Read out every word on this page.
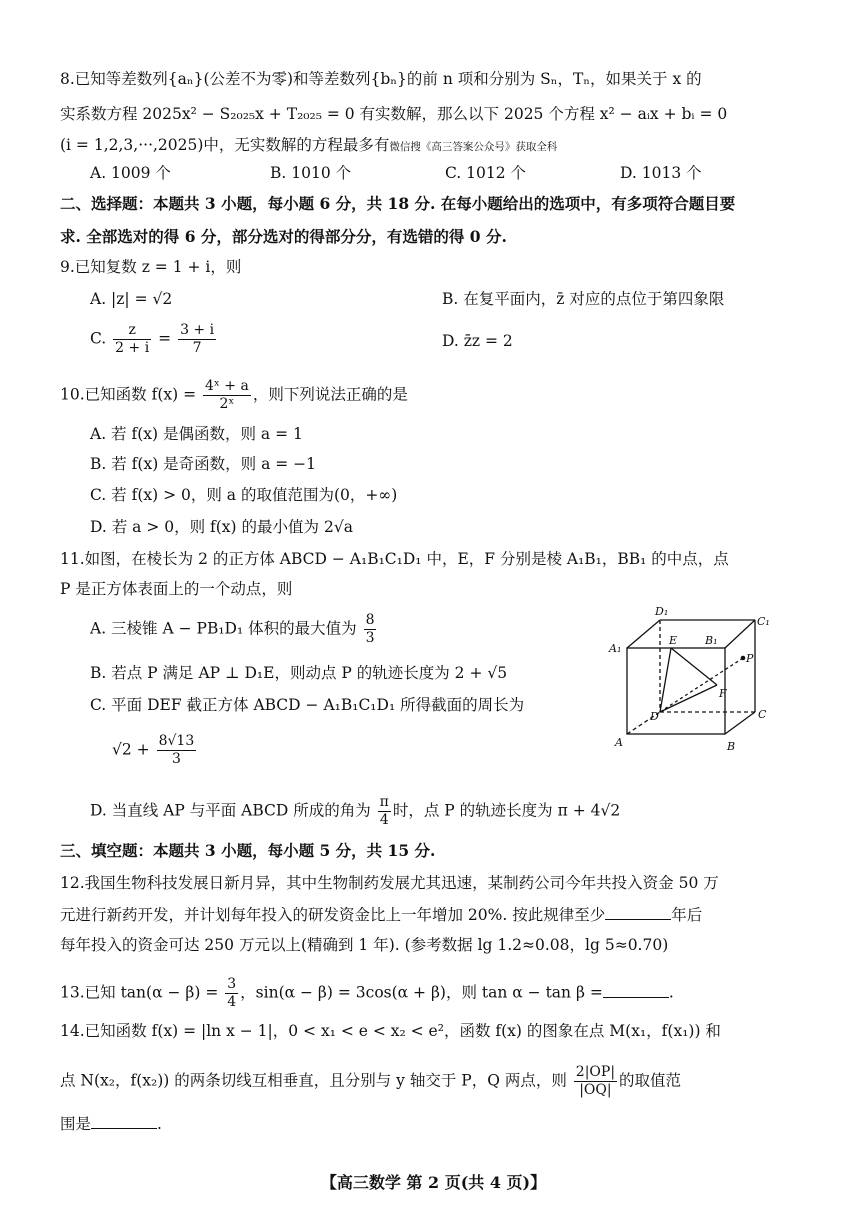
8.已知等差数列{aₙ}(公差不为零)和等差数列{bₙ}的前 n 项和分别为 Sₙ，Tₙ，如果关于 x 的
实系数方程 2025x² − S₂₀₂₅x + T₂₀₂₅ = 0 有实数解，那么以下 2025 个方程 x² − aᵢx + bᵢ = 0
(i = 1,2,3,···,2025)中，无实数解的方程最多有微信搜《高三答案公众号》获取全科
A. 1009 个	B. 1010 个	C. 1012 个	D. 1013 个
二、选择题：本题共 3 小题，每小题 6 分，共 18 分. 在每小题给出的选项中，有多项符合题目要
求. 全部选对的得 6 分，部分选对的得部分分，有选错的得 0 分.
9.已知复数 z = 1 + i，则
A. |z| = √2	B. 在复平面内，z̄ 对应的点位于第四象限
C. $\frac{z}{2 + i} = \frac{3 + i}{7}$	D. z̄z = 2
10.已知函数 $f(x) = \frac{\text{4ˣ + a}}{\text{2ˣ}}$ ，则下列说法正确的是
A. 若 f(x) 是偶函数，则 a = 1
B. 若 f(x) 是奇函数，则 a = −1
C. 若 f(x) > 0，则 a 的取值范围为(0，+∞)
D. 若 a > 0，则 f(x) 的最小值为 2√a
11.如图，在棱长为 2 的正方体 ABCD − A₁B₁C₁D₁ 中，E，F 分别是棱 A₁B₁，BB₁ 的中点，点
P 是正方体表面上的一个动点，则
A. 三棱锥 A − PB₁D₁ 体积的最大值为 $\frac{8}{3}$
B. 若点 P 满足 AP ⊥ D₁E，则动点 P 的轨迹长度为 2 + √5
C. 平面 DEF 截正方体 ABCD − A₁B₁C₁D₁ 所得截面的周长为
$√2 + \frac{8√13}{3}$
D. 当直线 AP 与平面 ABCD 所成的角为 $\frac{\pi}{4}$ 时，点 P 的轨迹长度为 π + 4√2
D₁
C₁
A₁
E	B₁
P
F
D	C
A	B
三、填空题：本题共 3 小题，每小题 5 分，共 15 分.
12.我国生物科技发展日新月异，其中生物制药发展尤其迅速，某制药公司今年共投入资金 50 万
元进行新药开发，并计划每年投入的研发资金比上一年增加 20%. 按此规律至少	年后
每年投入的资金可达 250 万元以上(精确到 1 年). (参考数据 lg 1.2≈0.08，lg 5≈0.70)
13.已知 $\tan(\alpha - \beta) = \frac{3}{4}$ ，sin(α − β) = 3cos(α + β)，则 tan α − tan β =	.
14.已知函数 f(x) = |ln x − 1|，0 < x₁ < e < x₂ < e²，函数 f(x) 的图象在点 M(x₁，f(x₁)) 和
点 N(x₂，f(x₂)) 的两条切线互相垂直，且分别与 y 轴交于 P，Q 两点，则 $\frac{2|OP|}{|OQ|}$ 的取值范
围是	.
【高三数学 第 2 页(共 4 页)】
